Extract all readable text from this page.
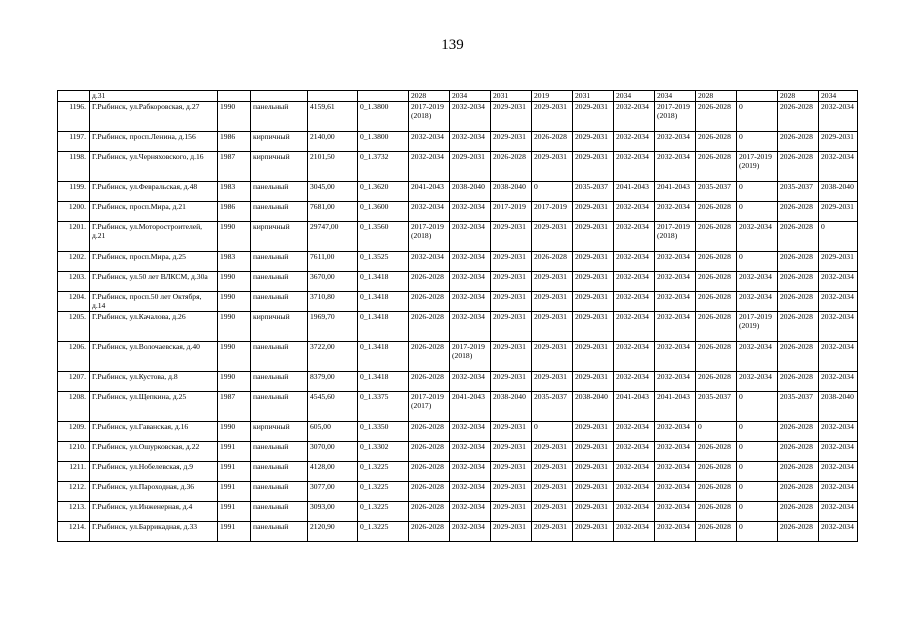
139
	д.31					2028	2034	2031	2019	2031	2034	2034	2028		2028	2034
1196.	Г.Рыбинск, ул.Рабкоровская, д.27	1990	панельный	4159,61	0_1.3800	2017-2019 (2018)	2032-2034	2029-2031	2029-2031	2029-2031	2032-2034	2017-2019 (2018)	2026-2028	0	2026-2028	2032-2034
1197.	Г.Рыбинск, просп.Ленина, д.156	1986	кирпичный	2140,00	0_1.3800	2032-2034	2032-2034	2029-2031	2026-2028	2029-2031	2032-2034	2032-2034	2026-2028	0	2026-2028	2029-2031
1198.	Г.Рыбинск, ул.Черняховского, д.16	1987	кирпичный	2101,50	0_1.3732	2032-2034	2029-2031	2026-2028	2029-2031	2029-2031	2032-2034	2032-2034	2026-2028	2017-2019 (2019)	2026-2028	2032-2034
1199.	Г.Рыбинск, ул.Февральская, д.48	1983	панельный	3045,00	0_1.3620	2041-2043	2038-2040	2038-2040	0	2035-2037	2041-2043	2041-2043	2035-2037	0	2035-2037	2038-2040
1200.	Г.Рыбинск, просп.Мира, д.21	1986	панельный	7681,00	0_1.3600	2032-2034	2032-2034	2017-2019	2017-2019	2029-2031	2032-2034	2032-2034	2026-2028	0	2026-2028	2029-2031
1201.	Г.Рыбинск, ул.Моторостроителей, д.21	1990	кирпичный	29747,00	0_1.3560	2017-2019 (2018)	2032-2034	2029-2031	2029-2031	2029-2031	2032-2034	2017-2019 (2018)	2026-2028	2032-2034	2026-2028	0
1202.	Г.Рыбинск, просп.Мира, д.25	1983	панельный	7611,00	0_1.3525	2032-2034	2032-2034	2029-2031	2026-2028	2029-2031	2032-2034	2032-2034	2026-2028	0	2026-2028	2029-2031
1203.	Г.Рыбинск, ул.50 лет ВЛКСМ, д.30а	1990	панельный	3670,00	0_1.3418	2026-2028	2032-2034	2029-2031	2029-2031	2029-2031	2032-2034	2032-2034	2026-2028	2032-2034	2026-2028	2032-2034
1204.	Г.Рыбинск, просп.50 лет Октября, д.14	1990	панельный	3710,80	0_1.3418	2026-2028	2032-2034	2029-2031	2029-2031	2029-2031	2032-2034	2032-2034	2026-2028	2032-2034	2026-2028	2032-2034
1205.	Г.Рыбинск, ул.Качалова, д.26	1990	кирпичный	1969,70	0_1.3418	2026-2028	2032-2034	2029-2031	2029-2031	2029-2031	2032-2034	2032-2034	2026-2028	2017-2019 (2019)	2026-2028	2032-2034
1206.	Г.Рыбинск, ул.Волочаевская, д.40	1990	панельный	3722,00	0_1.3418	2026-2028	2017-2019 (2018)	2029-2031	2029-2031	2029-2031	2032-2034	2032-2034	2026-2028	2032-2034	2026-2028	2032-2034
1207.	Г.Рыбинск, ул.Кустова, д.8	1990	панельный	8379,00	0_1.3418	2026-2028	2032-2034	2029-2031	2029-2031	2029-2031	2032-2034	2032-2034	2026-2028	2032-2034	2026-2028	2032-2034
1208.	Г.Рыбинск, ул.Щепкина, д.25	1987	панельный	4545,60	0_1.3375	2017-2019 (2017)	2041-2043	2038-2040	2035-2037	2038-2040	2041-2043	2041-2043	2035-2037	0	2035-2037	2038-2040
1209.	Г.Рыбинск, ул.Гаванская, д.16	1990	кирпичный	605,00	0_1.3350	2026-2028	2032-2034	2029-2031	0	2029-2031	2032-2034	2032-2034	0	0	2026-2028	2032-2034
1210.	Г.Рыбинск, ул.Ошурковская, д.22	1991	панельный	3070,00	0_1.3302	2026-2028	2032-2034	2029-2031	2029-2031	2029-2031	2032-2034	2032-2034	2026-2028	0	2026-2028	2032-2034
1211.	Г.Рыбинск, ул.Нобелевская, д.9	1991	панельный	4128,00	0_1.3225	2026-2028	2032-2034	2029-2031	2029-2031	2029-2031	2032-2034	2032-2034	2026-2028	0	2026-2028	2032-2034
1212.	Г.Рыбинск, ул.Пароходная, д.36	1991	панельный	3077,00	0_1.3225	2026-2028	2032-2034	2029-2031	2029-2031	2029-2031	2032-2034	2032-2034	2026-2028	0	2026-2028	2032-2034
1213.	Г.Рыбинск, ул.Инженерная, д.4	1991	панельный	3093,00	0_1.3225	2026-2028	2032-2034	2029-2031	2029-2031	2029-2031	2032-2034	2032-2034	2026-2028	0	2026-2028	2032-2034
1214.	Г.Рыбинск, ул.Баррикадная, д.33	1991	панельный	2120,90	0_1.3225	2026-2028	2032-2034	2029-2031	2029-2031	2029-2031	2032-2034	2032-2034	2026-2028	0	2026-2028	2032-2034
